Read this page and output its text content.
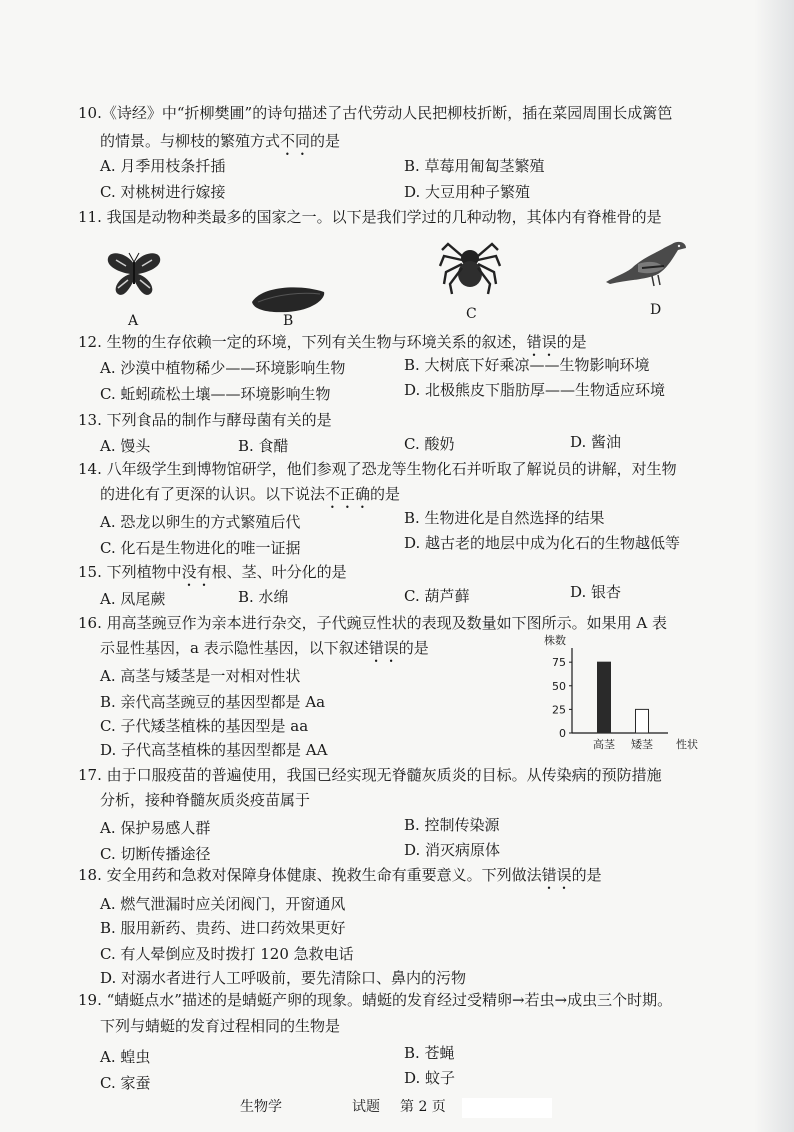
10.《诗经》中“折柳樊圃”的诗句描述了古代劳动人民把柳枝折断，插在菜园周围长成篱笆
的情景。与柳枝的繁殖方式不同的是
A. 月季用枝条扦插	B. 草莓用匍匐茎繁殖
C. 对桃树进行嫁接	D. 大豆用种子繁殖
11. 我国是动物种类最多的国家之一。以下是我们学过的几种动物，其体内有脊椎骨的是
A	B	C	D
12. 生物的生存依赖一定的环境，下列有关生物与环境关系的叙述，错误的是
A. 沙漠中植物稀少——环境影响生物	B. 大树底下好乘凉——生物影响环境
C. 蚯蚓疏松土壤——环境影响生物	D. 北极熊皮下脂肪厚——生物适应环境
13. 下列食品的制作与酵母菌有关的是
A. 馒头	B. 食醋	C. 酸奶	D. 酱油
14. 八年级学生到博物馆研学，他们参观了恐龙等生物化石并听取了解说员的讲解，对生物
的进化有了更深的认识。以下说法不正确的是
A. 恐龙以卵生的方式繁殖后代	B. 生物进化是自然选择的结果
C. 化石是生物进化的唯一证据	D. 越古老的地层中成为化石的生物越低等
15. 下列植物中没有根、茎、叶分化的是
A. 凤尾蕨	B. 水绵	C. 葫芦藓	D. 银杏
16. 用高茎豌豆作为亲本进行杂交，子代豌豆性状的表现及数量如下图所示。如果用 A 表
示显性基因，a 表示隐性基因，以下叙述错误的是
A. 高茎与矮茎是一对相对性状
B. 亲代高茎豌豆的基因型都是 Aa
C. 子代矮茎植株的基因型是 aa
D. 子代高茎植株的基因型都是 AA
株数
0
25
50
75
高茎 矮茎 性状
17. 由于口服疫苗的普遍使用，我国已经实现无脊髓灰质炎的目标。从传染病的预防措施
分析，接种脊髓灰质炎疫苗属于
A. 保护易感人群	B. 控制传染源
C. 切断传播途径	D. 消灭病原体
18. 安全用药和急救对保障身体健康、挽救生命有重要意义。下列做法错误的是
A. 燃气泄漏时应关闭阀门，开窗通风
B. 服用新药、贵药、进口药效果更好
C. 有人晕倒应及时拨打 120 急救电话
D. 对溺水者进行人工呼吸前，要先清除口、鼻内的污物
19. “蜻蜓点水”描述的是蜻蜓产卵的现象。蜻蜓的发育经过受精卵→若虫→成虫三个时期。
下列与蜻蜓的发育过程相同的生物是
A. 蝗虫	B. 苍蝇
C. 家蚕	D. 蚊子
生物学	试题 第 2 页
